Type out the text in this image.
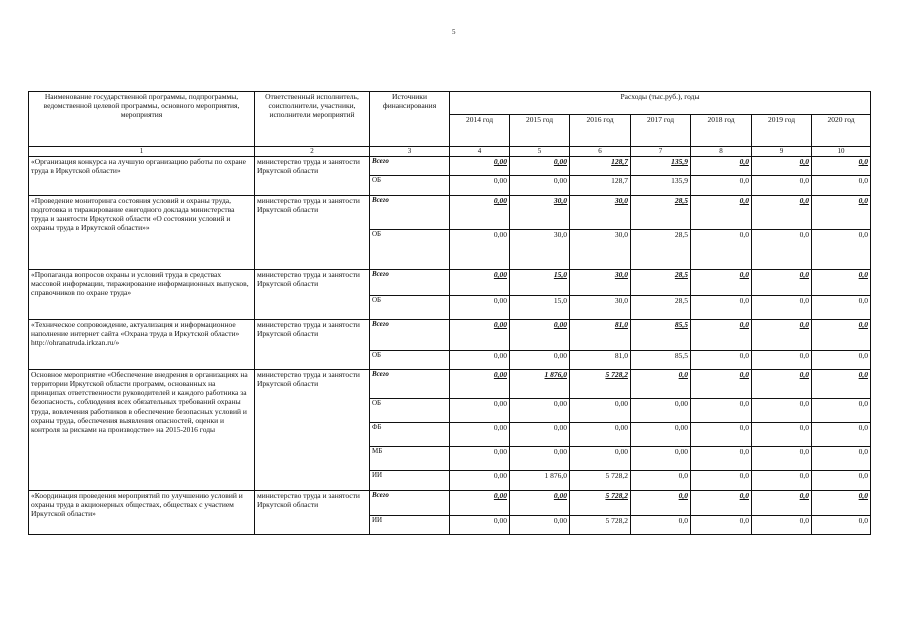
5
Наименование государственной программы, подпрограммы, ведомственной целевой программы, основного мероприятия, мероприятия	Ответственный исполнитель, соисполнители, участники, исполнители мероприятий	Источники финансирования	Расходы (тыс.руб.), годы						
			2014 год	2015 год	2016 год	2017 год	2018 год	2019 год	2020 год
1	2	3	4	5	6	7	8	9	10
«Организация конкурса на лучшую организацию работы по охране труда в Иркутской области»	министерство труда и занятости Иркутской области	Всего	0,00	0,00	128,7	135,9	0,0	0,0	0,0
		ОБ	0,00	0,00	128,7	135,9	0,0	0,0	0,0
«Проведение мониторинга состояния условий и охраны труда, подготовка и тиражирование ежегодного доклада министерства труда и занятости Иркутской области «О состоянии условий и охраны труда в Иркутской области»»	министерство труда и занятости Иркутской области	Всего	0,00	30,0	30,0	28,5	0,0	0,0	0,0
		ОБ	0,00	30,0	30,0	28,5	0,0	0,0	0,0
«Пропаганда вопросов охраны и условий труда в средствах массовой информации, тиражирование информационных выпусков, справочников по охране труда»	министерство труда и занятости Иркутской области	Всего	0,00	15,0	30,0	28,5	0,0	0,0	0,0
		ОБ	0,00	15,0	30,0	28,5	0,0	0,0	0,0
«Техническое сопровождение, актуализация и информационное наполнение интернет сайта «Охрана труда в Иркутской области» http://ohranatruda.irkzan.ru/»	министерство труда и занятости Иркутской области	Всего	0,00	0,00	81,0	85,5	0,0	0,0	0,0
		ОБ	0,00	0,00	81,0	85,5	0,0	0,0	0,0
Основное мероприятие «Обеспечение внедрения в организациях на территории Иркутской области программ, основанных на принципах ответственности руководителей и каждого работника за безопасность, соблюдения всех обязательных требований охраны труда, вовлечения работников в обеспечение безопасных условий и охраны труда, обеспечения выявления опасностей, оценки и контроля за рисками на производстве» на 2015-2016 годы	министерство труда и занятости Иркутской области	Всего	0,00	1 876,0	5 728,2	0,0	0,0	0,0	0,0
		ОБ	0,00	0,00	0,00	0,00	0,0	0,0	0,0
		ФБ	0,00	0,00	0,00	0,00	0,0	0,0	0,0
		МБ	0,00	0,00	0,00	0,00	0,0	0,0	0,0
		ИИ	0,00	1 876,0	5 728,2	0,0	0,0	0,0	0,0
«Координация проведения мероприятий по улучшению условий и охраны труда в акционерных обществах, обществах с участием Иркутской области»	министерство труда и занятости Иркутской области	Всего	0,00	0,00	5 728,2	0,0	0,0	0,0	0,0
		ИИ	0,00	0,00	5 728,2	0,0	0,0	0,0	0,0
